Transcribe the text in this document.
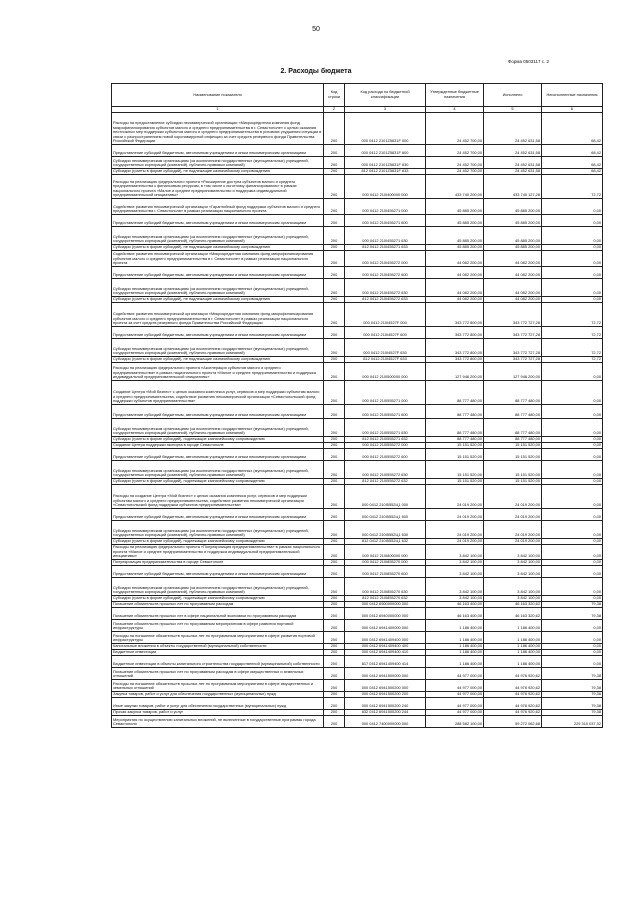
50
Форма 0503117 с. 2
2. Расходы бюджета
Наименование показателя	Код строки	Код расхода по бюджетной классификации	Утвержденные бюджетные назначения	Исполнено	Неисполненные назначения
1	2	3	4	5	6
Расходы на предоставление субсидии некоммерческой организации «Микрокредитная компания фонд микрофинансирования субъектов малого и среднего предпринимательства в г. Севастополе» с целью оказания неотложных мер поддержки субъектов малого и среднего предпринимательства в условиях ухудшения ситуации в связи с распространением новой коронавирусной инфекции за счет средств резервного фонда Правительства Российской Федерации	200	000 0412 2101Z5831F 000	24 452 700,00	24 452 631,58	68,42
Предоставление субсидий бюджетным, автономным учреждениям и иным некоммерческим организациям	200	000 0412 2101Z5831F 600	24 452 700,00	24 452 631,58	68,42
Субсидии некоммерческим организациям (за исключением государственных (муниципальных) учреждений, государственных корпораций (компаний), публично-правовых компаний)	200	000 0412 2101Z5831F 630	24 452 700,00	24 452 631,58	68,42
Субсидии (гранты в форме субсидий), не подлежащие казначейскому сопровождению	200	812 0412 2101Z5831F 633	24 452 700,00	24 452 631,58	68,42
Расходы на реализацию федерального проекта «Расширение доступа субъектов малого и среднего предпринимательства к финансовым ресурсам, в том числе к льготному финансированию» в рамках национального проекта «Малое и среднее предпринимательство и поддержка индивидуальной предпринимательской инициативы»	200	000 0412 210I400000 000	433 740 200,00	433 740 127,28	72,72
Содействие развитию некоммерческой организации «Гарантийный фонд поддержки субъектов малого и среднего предпринимательства г. Севастополя» в рамках реализации национального проекта	200	000 0412 210I455271 000	45 885 200,00	45 885 200,00	0,00
Предоставление субсидий бюджетным, автономным учреждениям и иным некоммерческим организациям	200	000 0412 210I455271 600	45 885 200,00	45 885 200,00	0,00
Субсидии некоммерческим организациям (за исключением государственных (муниципальных) учреждений, государственных корпораций (компаний), публично-правовых компаний)	200	000 0412 210I455271 630	45 885 200,00	45 885 200,00	0,00
Субсидии (гранты в форме субсидий), не подлежащие казначейскому сопровождению	200	812 0412 210I455271 633	45 885 200,00	45 885 200,00	0,00
Содействие развитию некоммерческой организации «Микрокредитная компания фонд микрофинансирования субъектов малого и среднего предпринимательства в г. Севастополе» в рамках реализации национального проекта	200	000 0412 210I455272 000	44 082 200,00	44 082 200,00	0,00
Предоставление субсидий бюджетным, автономным учреждениям и иным некоммерческим организациям	200	000 0412 210I455272 600	44 082 200,00	44 082 200,00	0,00
Субсидии некоммерческим организациям (за исключением государственных (муниципальных) учреждений, государственных корпораций (компаний), публично-правовых компаний)	200	000 0412 210I455272 630	44 082 200,00	44 082 200,00	0,00
Субсидии (гранты в форме субсидий), не подлежащие казначейскому сопровождению	200	812 0412 210I455272 633	44 082 200,00	44 082 200,00	0,00
Содействие развитию некоммерческой организации «Микрокредитная компания фонд микрофинансирования субъектов малого и среднего предпринимательства в г. Севастополе» в рамках реализации национального проекта за счет средств резервного фонда Правительства Российской Федерации	200	000 0412 210I4527F 000	343 772 800,00	343 772 727,28	72,72
Предоставление субсидий бюджетным, автономным учреждениям и иным некоммерческим организациям	200	000 0412 210I4527F 600	343 772 800,00	343 772 727,28	72,72
Субсидии некоммерческим организациям (за исключением государственных (муниципальных) учреждений, государственных корпораций (компаний), публично-правовых компаний)	200	000 0412 210I4527F 630	343 772 800,00	343 772 727,28	72,72
Субсидии (гранты в форме субсидий), не подлежащие казначейскому сопровождению	200	812 0412 210I4527F 633	343 772 800,00	343 772 727,28	72,72
Расходы на реализацию федерального проекта «Акселерация субъектов малого и среднего предпринимательства» в рамках национального проекта «Малое и среднее предпринимательство и поддержка индивидуальной предпринимательской инициативы»	200	000 0412 210I500000 000	127 946 200,00	127 946 200,00	0,00
Создание Центра «Мой бизнес» с целью оказания комплекса услуг, сервисов и мер поддержки субъектам малого и среднего предпринимательства, содействие развитию некоммерческой организации «Севастопольский фонд поддержки субъектов предпринимательства»	200	000 0412 210I555271 000	88 777 480,00	88 777 480,00	0,00
Предоставление субсидий бюджетным, автономным учреждениям и иным некоммерческим организациям	200	000 0412 210I555271 600	88 777 480,00	88 777 480,00	0,00
Субсидии некоммерческим организациям (за исключением государственных (муниципальных) учреждений, государственных корпораций (компаний), публично-правовых компаний)	200	000 0412 210I555271 630	88 777 480,00	88 777 480,00	0,00
Субсидии (гранты в форме субсидий), подлежащие казначейскому сопровождению	200	812 0412 210I555271 632	88 777 480,00	88 777 480,00	0,00
Создание Центра поддержки экспорта в городе Севастополе	200	000 0412 210I555272 000	15 151 520,00	15 151 520,00	0,00
Предоставление субсидий бюджетным, автономным учреждениям и иным некоммерческим организациям	200	000 0412 210I555272 600	15 151 520,00	15 151 520,00	0,00
Субсидии некоммерческим организациям (за исключением государственных (муниципальных) учреждений, государственных корпораций (компаний), публично-правовых компаний)	200	000 0412 210I555272 630	15 151 520,00	15 151 520,00	0,00
Субсидии (гранты в форме субсидий), подлежащие казначейскому сопровождению	200	812 0412 210I555272 632	15 151 520,00	15 151 520,00	0,00
Расходы на создание Центра «Мой бизнес» с целью оказания комплекса услуг, сервисов и мер поддержки субъектам малого и среднего предпринимательства, содействие развитию некоммерческой организации «Севастопольский фонд поддержки субъектов предпринимательства»	200	000 0412 210I5552Ц1 000	24 019 200,00	24 019 200,00	0,00
Предоставление субсидий бюджетным, автономным учреждениям и иным некоммерческим организациям	200	000 0412 210I5552Ц1 600	24 019 200,00	24 019 200,00	0,00
Субсидии некоммерческим организациям (за исключением государственных (муниципальных) учреждений, государственных корпораций (компаний), публично-правовых компаний)	200	000 0412 210I5552Ц1 630	24 019 200,00	24 019 200,00	0,00
Субсидии (гранты в форме субсидий), подлежащие казначейскому сопровождению	200	812 0412 210I5552Ц1 632	24 019 200,00	24 019 200,00	0,00
Расходы на реализацию федерального проекта «Популяризация предпринимательства» в рамках национального проекта «Малое и среднее предпринимательство и поддержка индивидуальной предпринимательской инициативы»	200	000 0412 210I800000 000	3 842 100,00	3 842 100,00	0,00
Популяризация предпринимательства в городе Севастополе	200	000 0412 210I855270 000	3 842 100,00	3 842 100,00	0,00
Предоставление субсидий бюджетным, автономным учреждениям и иным некоммерческим организациям	200	000 0412 210I855270 600	3 842 100,00	3 842 100,00	0,00
Субсидии некоммерческим организациям (за исключением государственных (муниципальных) учреждений, государственных корпораций (компаний), публично-правовых компаний)	200	000 0412 210I855270 630	3 842 100,00	3 842 100,00	0,00
Субсидии (гранты в форме субсидий), подлежащие казначейскому сопровождению	200	812 0412 210I855270 632	3 842 100,00	3 842 100,00	0,00
Погашение обязательств прошлых лет по программным расходам	200	000 0412 6900000000 000	46 163 400,00	46 163 320,62	79,38
Погашение обязательств прошлых лет в сфере национальной экономики по программным расходам	200	000 0412 6940000000 000	46 163 400,00	46 163 320,62	79,38
Погашение обязательств прошлых лет по программным мероприятиям в сфере развития портовой инфраструктуры	200	000 0412 6941400000 000	1 186 400,00	1 186 400,00	0,00
Расходы на погашение обязательств прошлых лет по программным мероприятиям в сфере развития портовой инфраструктуры	200	000 0412 6941409400 000	1 186 400,00	1 186 400,00	0,00
Капитальные вложения в объекты государственной (муниципальной) собственности	200	000 0412 6941409400 400	1 186 400,00	1 186 400,00	0,00
Бюджетные инвестиции	200	000 0412 6941409400 410	1 186 400,00	1 186 400,00	0,00
Бюджетные инвестиции в объекты капитального строительства государственной (муниципальной) собственности	200	817 0412 6941409400 414	1 186 400,00	1 186 400,00	0,00
Погашение обязательств прошлых лет по программным расходам в сфере имущественных и земельных отношений	200	000 0412 6941500000 000	44 977 000,00	44 976 920,62	79,38
Расходы на погашение обязательств прошлых лет по программным мероприятиям в сфере имущественных и земельных отношений	200	000 0412 6941500200 000	44 977 000,00	44 976 920,62	79,38
Закупка товаров, работ и услуг для обеспечения государственных (муниципальных) нужд	200	000 0412 6941500200 200	44 977 000,00	44 976 920,62	79,38
Иные закупки товаров, работ и услуг для обеспечения государственных (муниципальных) нужд	200	000 0412 6941500200 240	44 977 000,00	44 976 920,62	79,38
Прочая закупка товаров, работ и услуг	200	832 0412 6941500200 244	44 977 000,00	44 976 920,62	79,38
Мероприятия по осуществлению капитальных вложений, не включенные в государственные программы города Севастополя	200	000 0412 7400000000 000	288 582 100,00	59 272 062,68	229 310 037,32
